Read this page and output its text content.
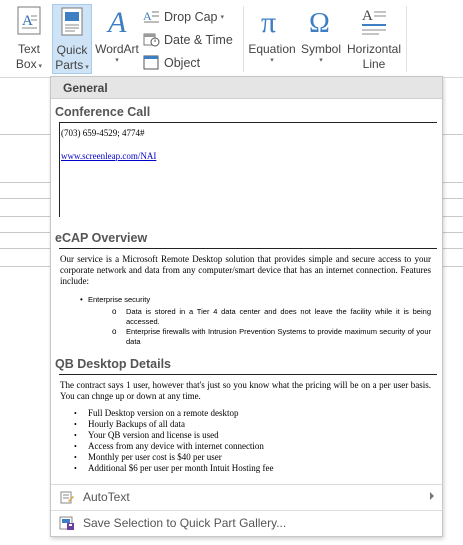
A
Text
Box ▾
Quick
Parts ▾
A
WordArt
▾
A Drop Cap ▾
Date & Time
Object
π
Equation
▾
Ω
Symbol
▾
A
Horizontal
Line
General
Conference Call
(703) 659-4529; 4774#
www.screenleap.com/NAI
eCAP Overview
Our service is a Microsoft Remote Desktop solution that provides simple and secure access to your corporate network and data from any computer/smart device that has an internet connection. Features include:
• Enterprise security
o Data is stored in a Tier 4 data center and does not leave the facility while it is being accessed.
o Enterprise firewalls with Intrusion Prevention Systems to provide maximum security of your data
QB Desktop Details
The contract says 1 user, however that's just so you know what the pricing will be on a per user basis. You can chnge up or down at any time.
• Full Desktop version on a remote desktop
• Hourly Backups of all data
• Your QB version and license is used
• Access from any device with internet connection
• Monthly per user cost is $40 per user
• Additional $6 per user per month Intuit Hosting fee
AutoText
Save Selection to Quick Part Gallery...
